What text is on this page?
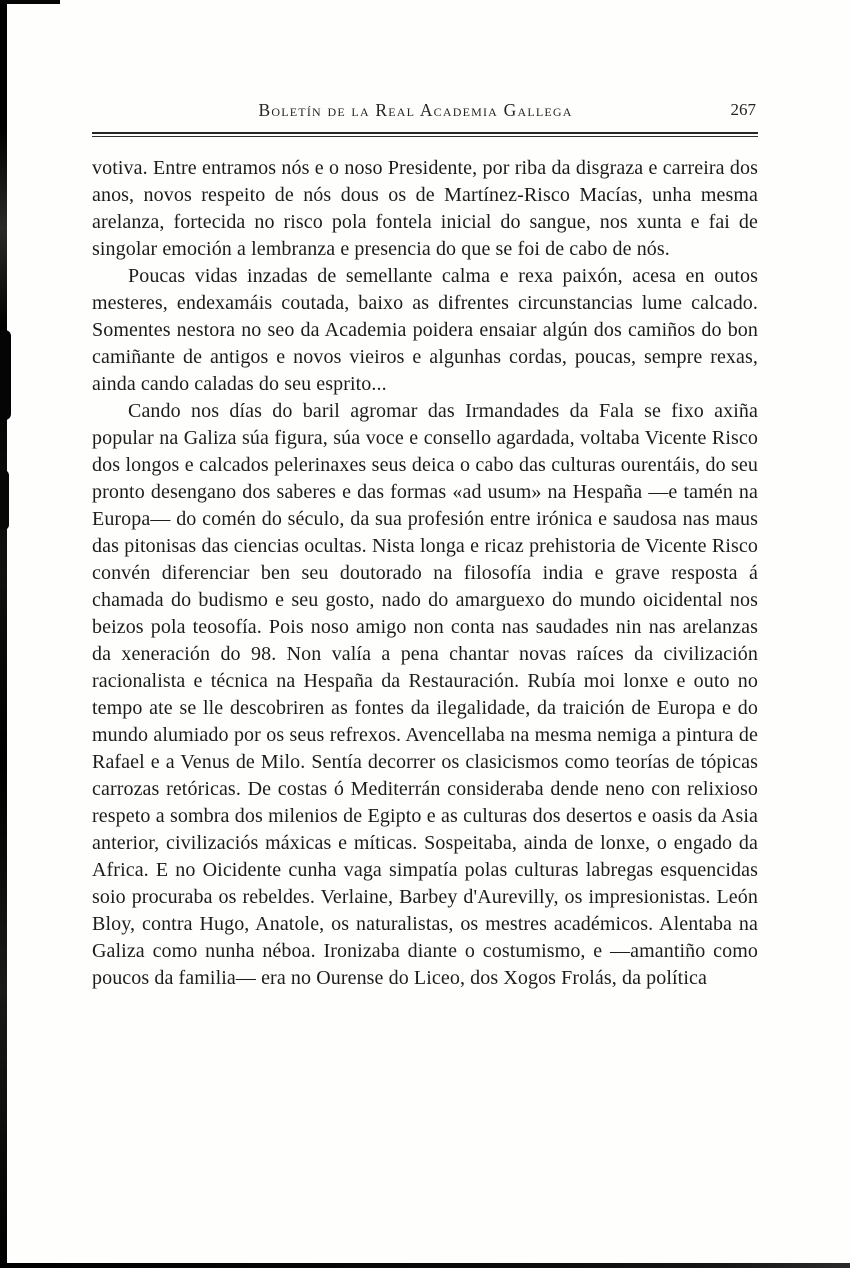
Boletín de la Real Academia Gallega	267

votiva. Entre entramos nós e o noso Presidente, por riba da disgraza e carreira dos anos, novos respeito de nós dous os de Martínez-Risco Macías, unha mesma arelanza, fortecida no risco pola fontela inicial do sangue, nos xunta e fai de singolar emoción a lembranza e presencia do que se foi de cabo de nós.

Poucas vidas inzadas de semellante calma e rexa paixón, acesa en outos mesteres, endexamáis coutada, baixo as difrentes circunstancias lume calcado. Somentes nestora no seo da Academia poidera ensaiar algún dos camiños do bon camiñante de antigos e novos vieiros e algunhas cordas, poucas, sempre rexas, ainda cando caladas do seu esprito...

Cando nos días do baril agromar das Irmandades da Fala se fixo axiña popular na Galiza súa figura, súa voce e consello agardada, voltaba Vicente Risco dos longos e calcados pelerinaxes seus deica o cabo das culturas ourentáis, do seu pronto desengano dos saberes e das formas «ad usum» na Hespaña —e tamén na Europa— do comén do século, da sua profesión entre irónica e saudosa nas maus das pitonisas das ciencias ocultas. Nista longa e ricaz prehistoria de Vicente Risco convén diferenciar ben seu doutorado na filosofía india e grave resposta á chamada do budismo e seu gosto, nado do amarguexo do mundo oicidental nos beizos pola teosofía. Pois noso amigo non conta nas saudades nin nas arelanzas da xeneración do 98. Non valía a pena chantar novas raíces da civilización racionalista e técnica na Hespaña da Restauración. Rubía moi lonxe e outo no tempo ate se lle descobriren as fontes da ilegalidade, da traición de Europa e do mundo alumiado por os seus refrexos. Avencellaba na mesma nemiga a pintura de Rafael e a Venus de Milo. Sentía decorrer os clasicismos como teorías de tópicas carrozas retóricas. De costas ó Mediterrán consideraba dende neno con relixioso respeto a sombra dos milenios de Egipto e as culturas dos desertos e oasis da Asia anterior, civilizaciós máxicas e míticas. Sospeitaba, ainda de lonxe, o engado da Africa. E no Oicidente cunha vaga simpatía polas culturas labregas esquencidas soio procuraba os rebeldes. Verlaine, Barbey d'Aurevilly, os impresionistas. León Bloy, contra Hugo, Anatole, os naturalistas, os mestres académicos. Alentaba na Galiza como nunha néboa. Ironizaba diante o costumismo, e —amantiño como poucos da familia— era no Ourense do Liceo, dos Xogos Frolás, da política
